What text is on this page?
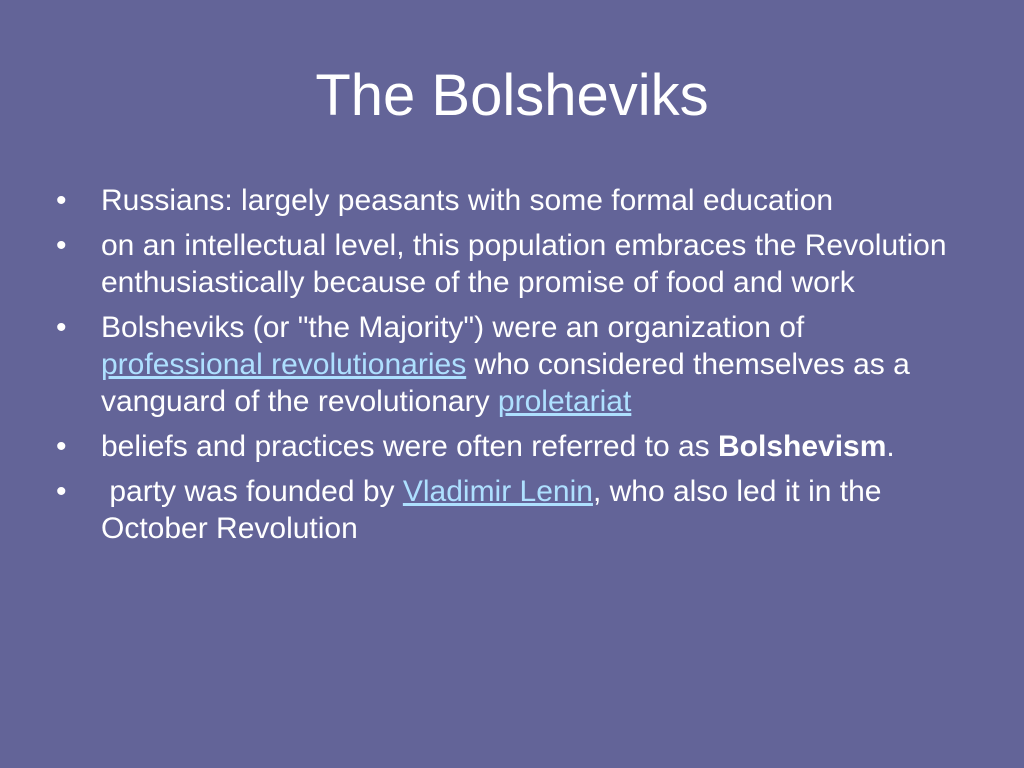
The Bolsheviks
•	Russians: largely peasants with some formal education
•	on an intellectual level, this population embraces the Revolution enthusiastically because of the promise of food and work
•	Bolsheviks (or "the Majority") were an organization of professional revolutionaries who considered themselves as a vanguard of the revolutionary proletariat
•	beliefs and practices were often referred to as Bolshevism.
•	party was founded by Vladimir Lenin, who also led it in the October Revolution
